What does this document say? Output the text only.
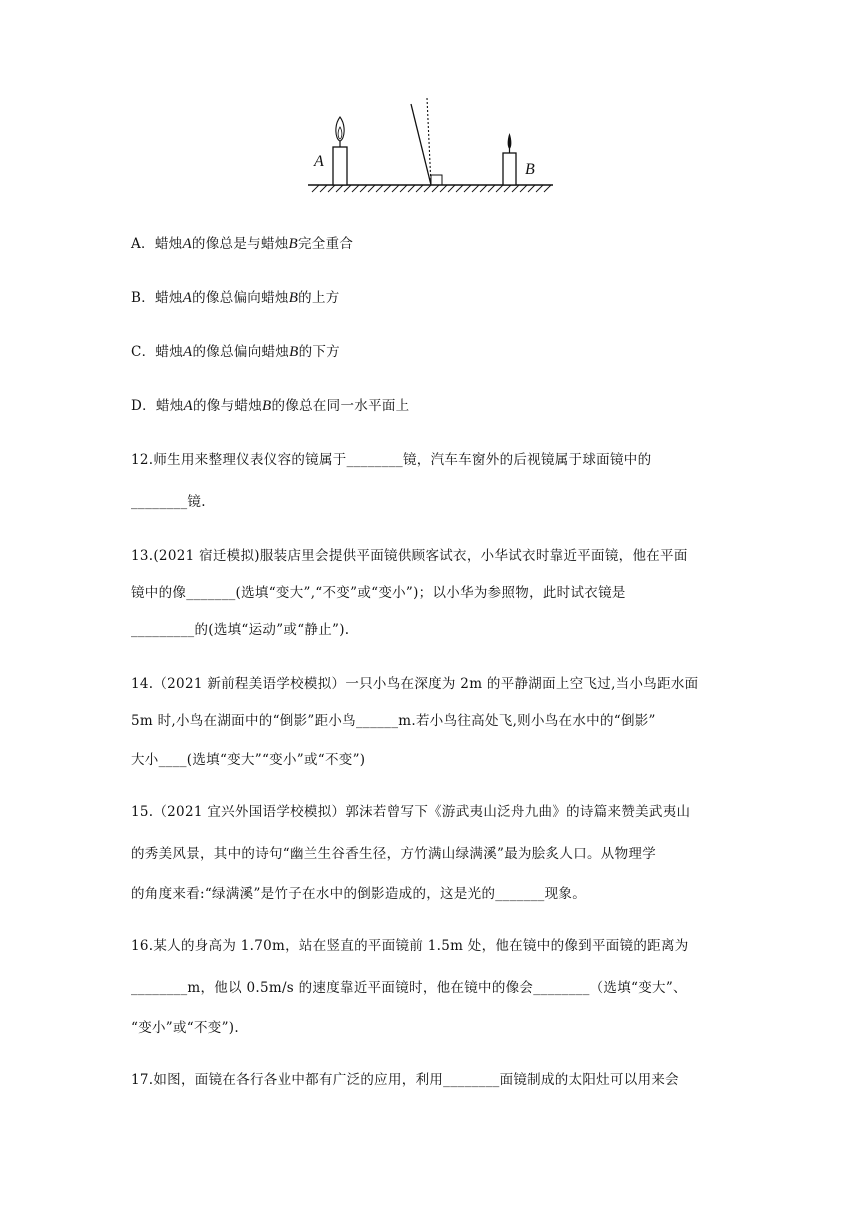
A	B
A．蜡烛A的像总是与蜡烛B完全重合
B．蜡烛A的像总偏向蜡烛B的上方
C．蜡烛A的像总偏向蜡烛B的下方
D．蜡烛A的像与蜡烛B的像总在同一水平面上
12.师生用来整理仪表仪容的镜属于________镜，汽车车窗外的后视镜属于球面镜中的
________镜.
13.(2021 宿迁模拟)服装店里会提供平面镜供顾客试衣，小华试衣时靠近平面镜，他在平面
镜中的像_______(选填“变大”,“不变”或“变小”)；以小华为参照物，此时试衣镜是
_________的(选填“运动”或“静止”).
14.（2021 新前程美语学校模拟）一只小鸟在深度为 2m 的平静湖面上空飞过,当小鸟距水面
5m 时,小鸟在湖面中的“倒影”距小鸟______m.若小鸟往高处飞,则小鸟在水中的“倒影”
大小____(选填“变大”“变小”或“不变”)
15.（2021 宜兴外国语学校模拟）郭沫若曾写下《游武夷山泛舟九曲》的诗篇来赞美武夷山
的秀美风景，其中的诗句“幽兰生谷香生径，方竹满山绿满溪”最为脍炙人口。从物理学
的角度来看:“绿满溪”是竹子在水中的倒影造成的，这是光的_______现象。
16.某人的身高为 1.70m，站在竖直的平面镜前 1.5m 处，他在镜中的像到平面镜的距离为
________m，他以 0.5m/s 的速度靠近平面镜时，他在镜中的像会________（选填“变大”、
“变小”或“不变”).
17.如图，面镜在各行各业中都有广泛的应用，利用________面镜制成的太阳灶可以用来会
